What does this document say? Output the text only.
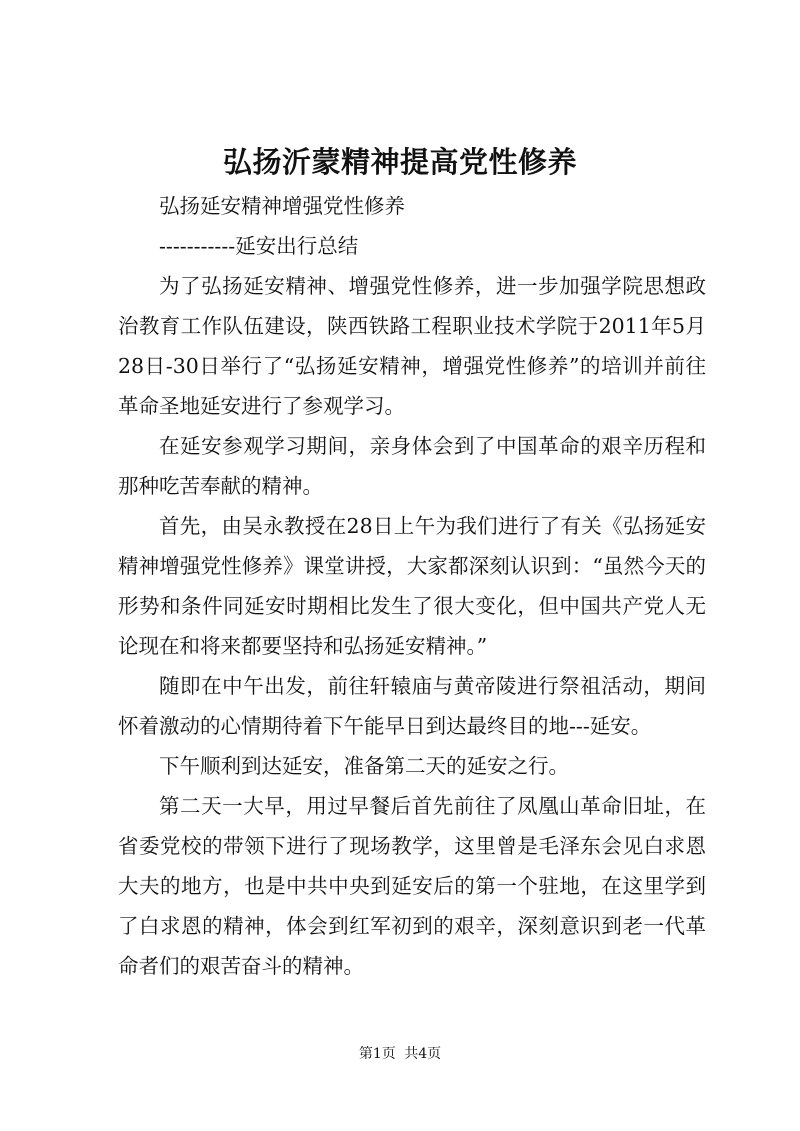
弘扬沂蒙精神提高党性修养

弘扬延安精神增强党性修养

-----------延安出行总结

为了弘扬延安精神、增强党性修养，进一步加强学院思想政治教育工作队伍建设，陕西铁路工程职业技术学院于2011年5月28日-30日举行了“弘扬延安精神，增强党性修养”的培训并前往革命圣地延安进行了参观学习。

在延安参观学习期间，亲身体会到了中国革命的艰辛历程和那种吃苦奉献的精神。

首先，由吴永教授在28日上午为我们进行了有关《弘扬延安精神增强党性修养》课堂讲授，大家都深刻认识到：“虽然今天的形势和条件同延安时期相比发生了很大变化，但中国共产党人无论现在和将来都要坚持和弘扬延安精神。”

随即在中午出发，前往轩辕庙与黄帝陵进行祭祖活动，期间怀着激动的心情期待着下午能早日到达最终目的地---延安。

下午顺利到达延安，准备第二天的延安之行。

第二天一大早，用过早餐后首先前往了凤凰山革命旧址，在省委党校的带领下进行了现场教学，这里曾是毛泽东会见白求恩大夫的地方，也是中共中央到延安后的第一个驻地，在这里学到了白求恩的精神，体会到红军初到的艰辛，深刻意识到老一代革命者们的艰苦奋斗的精神。

第1页 共4页
